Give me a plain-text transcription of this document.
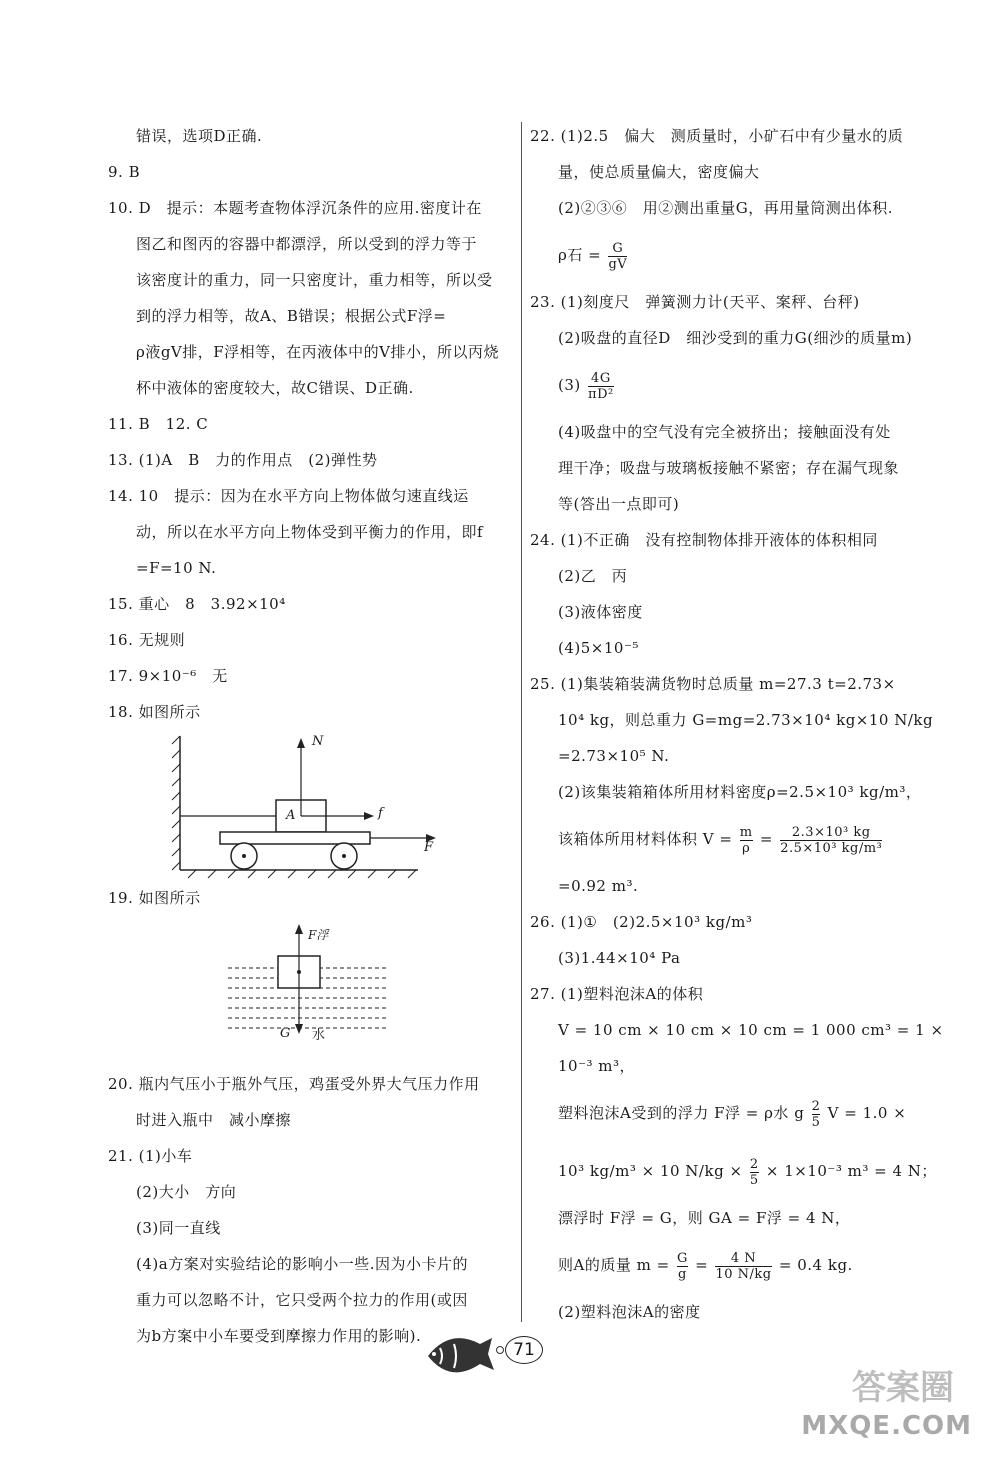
错误，选项D正确.
9. B
10. D　提示：本题考查物体浮沉条件的应用.密度计在
图乙和图丙的容器中都漂浮，所以受到的浮力等于
该密度计的重力，同一只密度计，重力相等，所以受
到的浮力相等，故A、B错误；根据公式F浮=
ρ液gV排，F浮相等，在丙液体中的V排小，所以丙烧
杯中液体的密度较大，故C错误、D正确.
11. B　12. C
13. (1)A　B　力的作用点　(2)弹性势
14. 10　提示：因为在水平方向上物体做匀速直线运
动，所以在水平方向上物体受到平衡力的作用，即f
=F=10 N.
15. 重心　8　3.92×10⁴
16. 无规则
17. 9×10⁻⁶　无
18. 如图所示
N
A	f
F
19. 如图所示
F浮
G 水
20. 瓶内气压小于瓶外气压，鸡蛋受外界大气压力作用
时进入瓶中　减小摩擦
21. (1)小车
(2)大小　方向
(3)同一直线
(4)a方案对实验结论的影响小一些.因为小卡片的
重力可以忽略不计，它只受两个拉力的作用(或因
为b方案中小车要受到摩擦力作用的影响).
22. (1)2.5　偏大　测质量时，小矿石中有少量水的质
量，使总质量偏大，密度偏大
(2)②③⑥　用②测出重量G，再用量筒测出体积.
ρ石 = $\frac{G}{gV}$
23. (1)刻度尺　弹簧测力计(天平、案秤、台秤)
(2)吸盘的直径D　细沙受到的重力G(细沙的质量m)
$(3) \frac{4G}{\text{πD²}}$
(4)吸盘中的空气没有完全被挤出；接触面没有处
理干净；吸盘与玻璃板接触不紧密；存在漏气现象
等(答出一点即可)
24. (1)不正确　没有控制物体排开液体的体积相同
(2)乙　丙
(3)液体密度
(4)5×10⁻⁵
25. (1)集装箱装满货物时总质量 m=27.3 t=2.73×
10⁴ kg，则总重力 G=mg=2.73×10⁴ kg×10 N/kg
=2.73×10⁵ N.
(2)该集装箱箱体所用材料密度ρ=2.5×10³ kg/m³，
该箱体所用材料体积 $V = \frac{m}{\rho} = \frac{\text{2.3×10³ kg}}{\text{2.5×10³ kg/m³}}$
=0.92 m³.
26. (1)①　(2)2.5×10³ kg/m³
(3)1.44×10⁴ Pa
27. (1)塑料泡沫A的体积
V = 10 cm × 10 cm × 10 cm = 1 000 cm³ = 1 ×
10⁻³ m³，
塑料泡沫A受到的浮力 F浮 = ρ水 g $\frac{2}{5}$ V = 1.0 ×
10³ kg/m³ × 10 $N/kg \times \frac{2}{5} \times 1\times 10^{-3}$ m³ = 4 N；
漂浮时 F浮 = G，则 GA = F浮 = 4 N，
则A的质量 $m = \frac{G}{g} = \frac{4 N}{10 N/kg} = 0.4$ kg.
(2)塑料泡沫A的密度
71
答案圈
MXQE.COM
